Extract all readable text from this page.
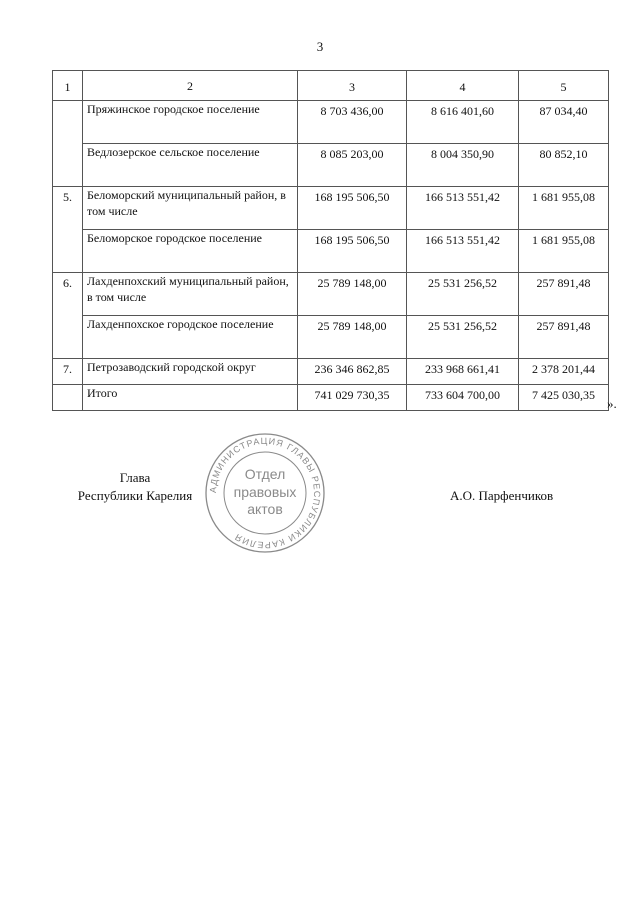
3
1	2	3	4	5
	Пряжинское городское поселение	8 703 436,00	8 616 401,60	87 034,40
	Ведлозерское сельское поселение	8 085 203,00	8 004 350,90	80 852,10
5.	Беломорский муниципальный район, в том числе	168 195 506,50	166 513 551,42	1 681 955,08
	Беломорское городское поселение	168 195 506,50	166 513 551,42	1 681 955,08
6.	Лахденпохский муниципальный район, в том числе	25 789 148,00	25 531 256,52	257 891,48
	Лахденпохское городское поселение	25 789 148,00	25 531 256,52	257 891,48
7.	Петрозаводский городской округ	236 346 862,85	233 968 661,41	2 378 201,44
	Итого	741 029 730,35	733 604 700,00	7 425 030,35
».
Глава
Республики Карелия	АДМИНИСТРАЦИЯ ГЛАВЫ РЕСПУБЛИКИ КАРЕЛИЯ
Отдел
правовых
актов
А.О. Парфенчиков
